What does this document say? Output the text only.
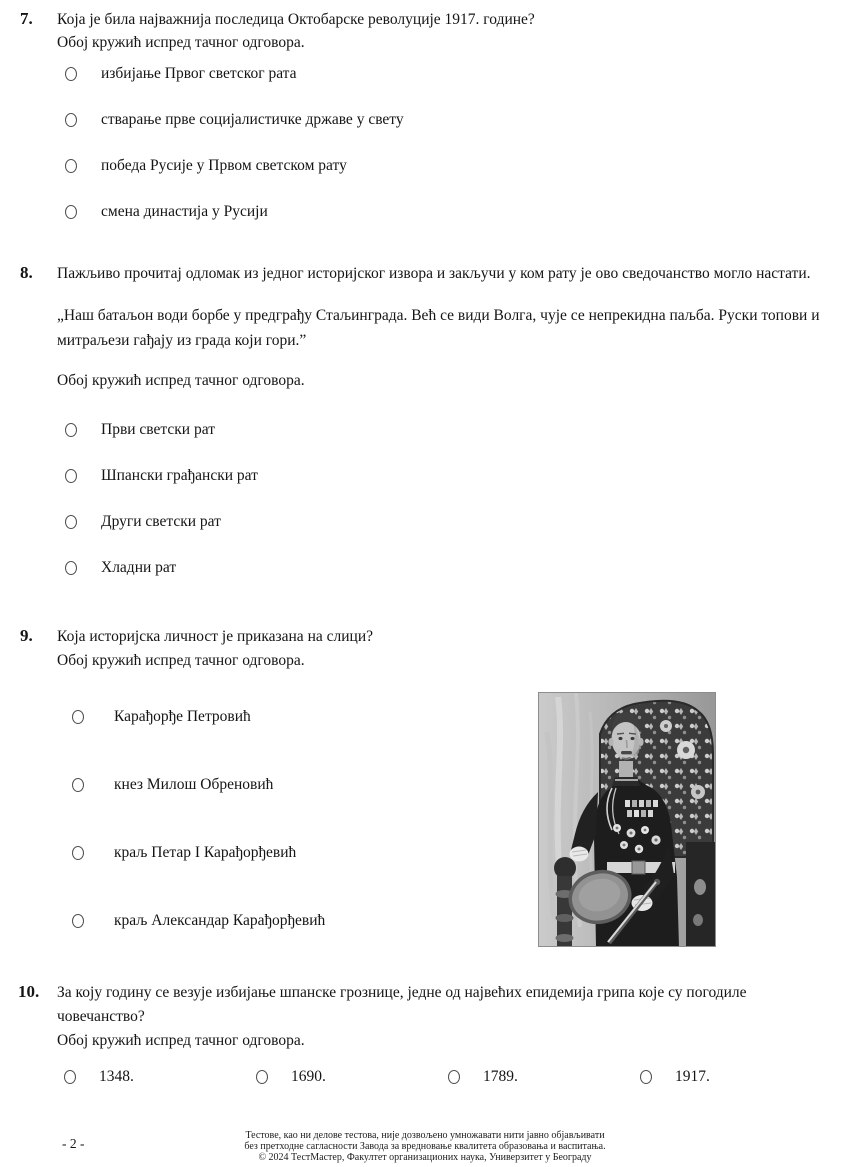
7. Која је била најважнија последица Октобарске револуције 1917. године?
Обој кружић испред тачног одговора.
избијање Првог светског рата
стварање прве социјалистичке државе у свету
победа Русије у Првом светском рату
смена династија у Русији
8. Пажљиво прочитај одломак из једног историјског извора и закључи у ком рату је ово сведочанство могло настати.
„Наш батаљон води борбе у предграђу Стаљинграда. Већ се види Волга, чује се непрекидна паљба. Руски топови и
митраљези гађају из града који гори.”
Обој кружић испред тачног одговора.
Први светски рат
Шпански грађански рат
Други светски рат
Хладни рат
9. Која историјска личност је приказана на слици?
Обој кружић испред тачног одговора.
Карађорђе Петровић
кнез Милош Обреновић
краљ Петар I Карађорђевић
краљ Александар Карађорђевић
10. За коју годину се везује избијање шпанске грознице, једне од највећих епидемија грипа које су погодиле
човечанство?
Обој кружић испред тачног одговора.
1348.	1690.	1789.	1917.
- 2 -
Тестове, као ни делове тестова, није дозвољено умножавати нити јавно објављивати
без претходне сагласности Завода за вредновање квалитета образовања и васпитања.
© 2024 ТестМастер, Факултет организационих наука, Универзитет у Београду
